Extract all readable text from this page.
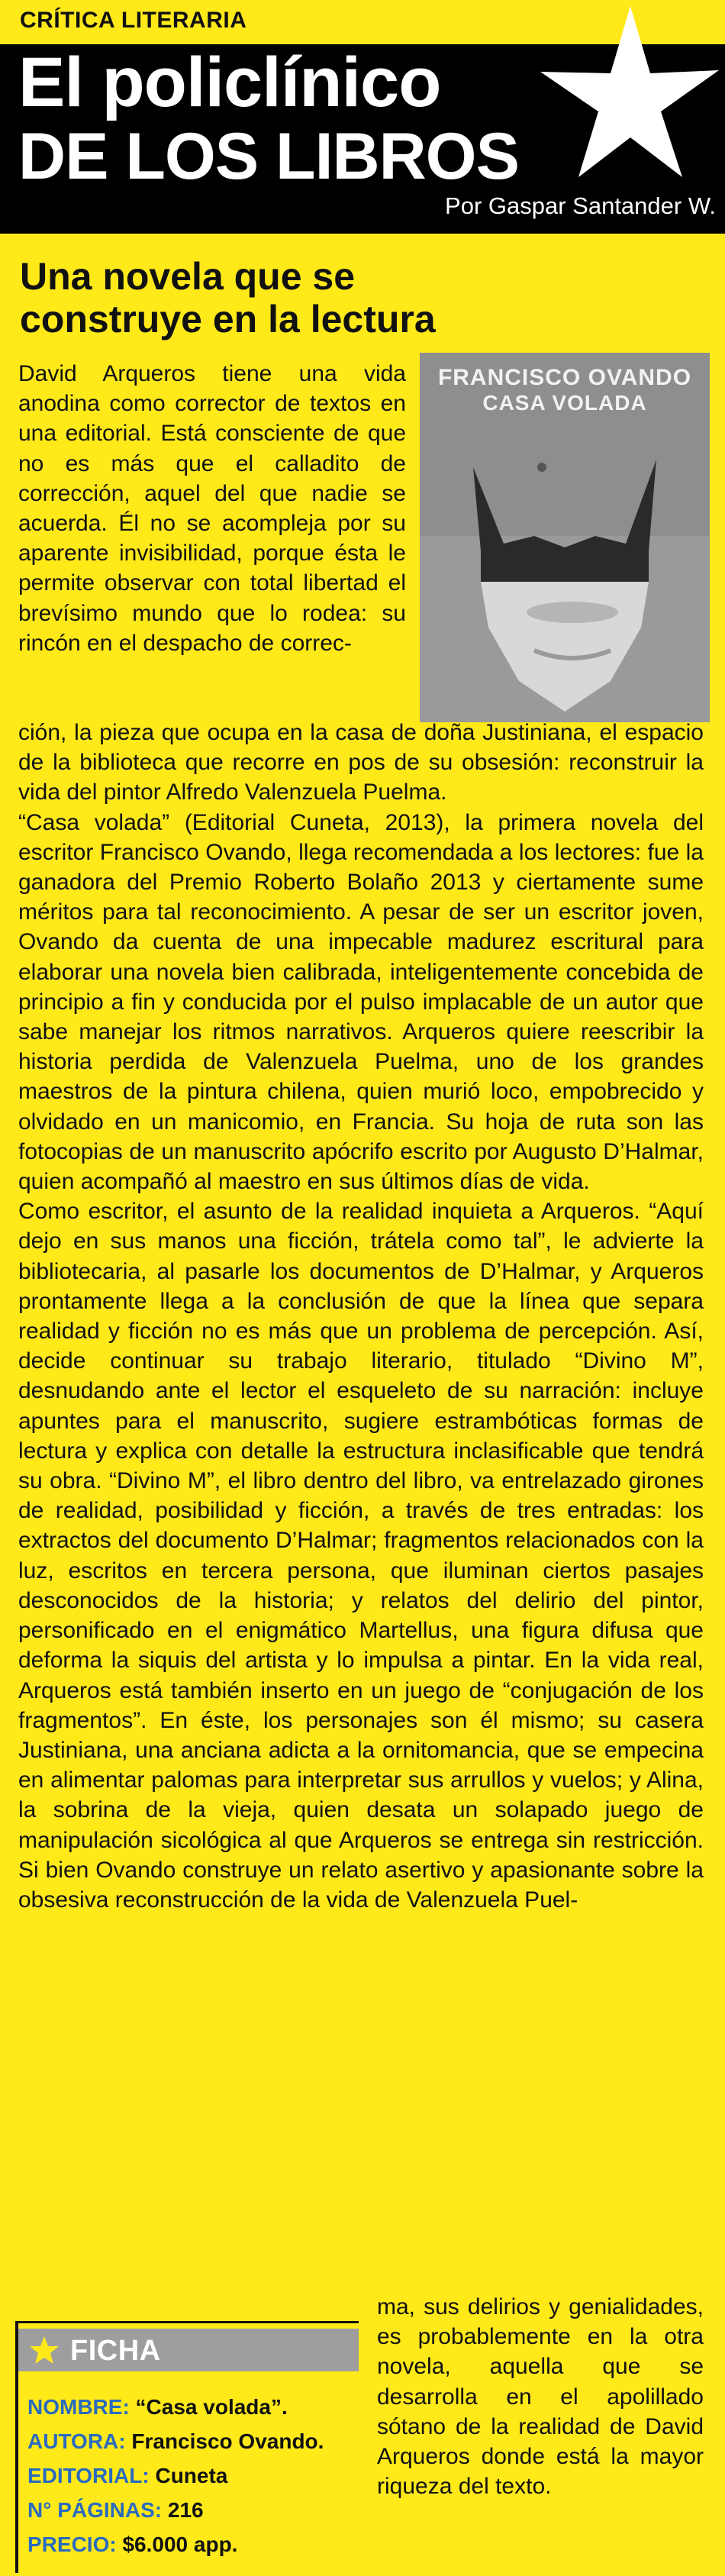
CRÍTICA LITERARIA
El policlínico
DE LOS LIBROS
Por Gaspar Santander W.
Una novela que se
construye en la lectura
FRANCISCO OVANDO
CASA VOLADA

David Arqueros tiene una vida anodina como corrector de textos en una editorial. Está consciente de que no es más que el calladito de corrección, aquel del que nadie se acuerda. Él no se acompleja por su aparente invisibilidad, porque ésta le permite observar con total libertad el brevísimo mundo que lo rodea: su rincón en el despacho de correc-

ción, la pieza que ocupa en la casa de doña Justiniana, el espacio de la biblioteca que recorre en pos de su obsesión: reconstruir la vida del pintor Alfredo Valenzuela Puelma.

“Casa volada” (Editorial Cuneta, 2013), la primera novela del escritor Francisco Ovando, llega recomendada a los lectores: fue la ganadora del Premio Roberto Bolaño 2013 y ciertamente sume méritos para tal reconocimiento. A pesar de ser un escritor joven, Ovando da cuenta de una impecable madurez escritural para elaborar una novela bien calibrada, inteligentemente concebida de principio a fin y conducida por el pulso implacable de un autor que sabe manejar los ritmos narrativos. Arqueros quiere reescribir la historia perdida de Valenzuela Puelma, uno de los grandes maestros de la pintura chilena, quien murió loco, empobrecido y olvidado en un manicomio, en Francia. Su hoja de ruta son las fotocopias de un manuscrito apócrifo escrito por Augusto D’Halmar, quien acompañó al maestro en sus últimos días de vida.

Como escritor, el asunto de la realidad inquieta a Arqueros. “Aquí dejo en sus manos una ficción, trátela como tal”, le advierte la bibliotecaria, al pasarle los documentos de D’Halmar, y Arqueros prontamente llega a la conclusión de que la línea que separa realidad y ficción no es más que un problema de percepción. Así, decide continuar su trabajo literario, titulado “Divino M”, desnudando ante el lector el esqueleto de su narración: incluye apuntes para el manuscrito, sugiere estrambóticas formas de lectura y explica con detalle la estructura inclasificable que tendrá su obra. “Divino M”, el libro dentro del libro, va entrelazado girones de realidad, posibilidad y ficción, a través de tres entradas: los extractos del documento D’Halmar; fragmentos relacionados con la luz, escritos en tercera persona, que iluminan ciertos pasajes desconocidos de la historia; y relatos del delirio del pintor, personificado en el enigmático Martellus, una figura difusa que deforma la siquis del artista y lo impulsa a pintar. En la vida real, Arqueros está también inserto en un juego de “conjugación de los fragmentos”. En éste, los personajes son él mismo; su casera Justiniana, una anciana adicta a la ornitomancia, que se empecina en alimentar palomas para interpretar sus arrullos y vuelos; y Alina, la sobrina de la vieja, quien desata un solapado juego de manipulación sicológica al que Arqueros se entrega sin restricción. Si bien Ovando construye un relato asertivo y apasionante sobre la obsesiva reconstrucción de la vida de Valenzuela Puel-

ma, sus delirios y genialidades, es probablemente en la otra novela, aquella que se desarrolla en el apolillado sótano de la realidad de David Arqueros donde está la mayor riqueza del texto.

FICHA
NOMBRE: “Casa volada”.
AUTORA: Francisco Ovando.
EDITORIAL: Cuneta
N° PÁGINAS: 216
PRECIO: $6.000 app.
